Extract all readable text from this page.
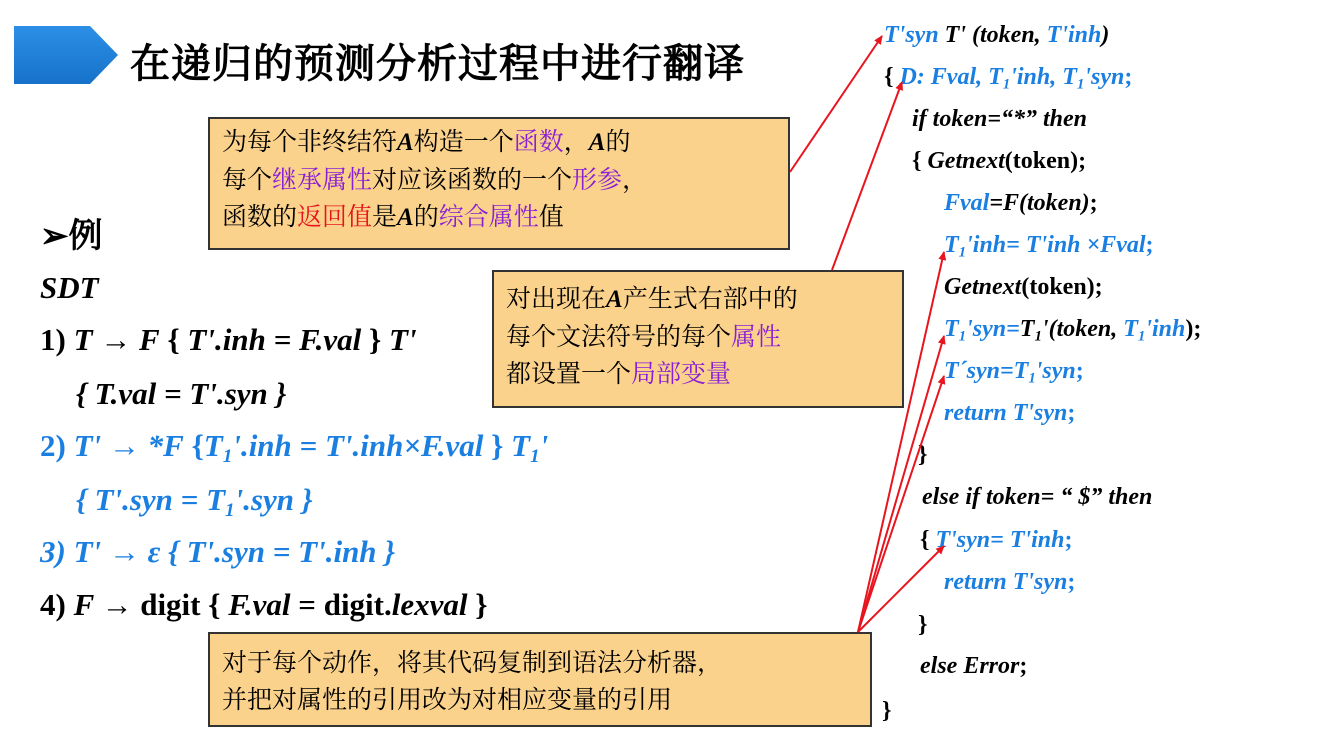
在递归的预测分析过程中进行翻译
➢例
SDT
1) T → F { T'.inh = F.val } T'
{ T.val = T'.syn }
2) T' → *F {$T_1'.inh = T'.inh\times F.val$ } $T_1'$
{ $T'.syn = T_1'.syn$ }
3) T' → ε { T'.syn = T'.inh }
4) F → digit { F.val = digit.lexval }
为每个非终结符A构造一个函数，A的
每个继承属性对应该函数的一个形参，
函数的返回值是A的综合属性值
对出现在A产生式右部中的
每个文法符号的每个属性
都设置一个局部变量
对于每个动作，将其代码复制到语法分析器，
并把对属性的引用改为对相应变量的引用
T'syn T' (token, T'inh)
{ D: Fval, $T_1'inh$, $T_1'syn$;
if token=“*” then
{ Getnext(token);
Fval=F(token);
$T_1'inh= T'inh$ ×Fval;
Getnext(token);
$T_1'syn=T_1'(token$, $T_1'inh$);
$T´syn=T_1'syn$;
return T'syn;
}
else if token= “ $” then
{ T'syn= T'inh;
return T'syn;
}
else Error;
}
